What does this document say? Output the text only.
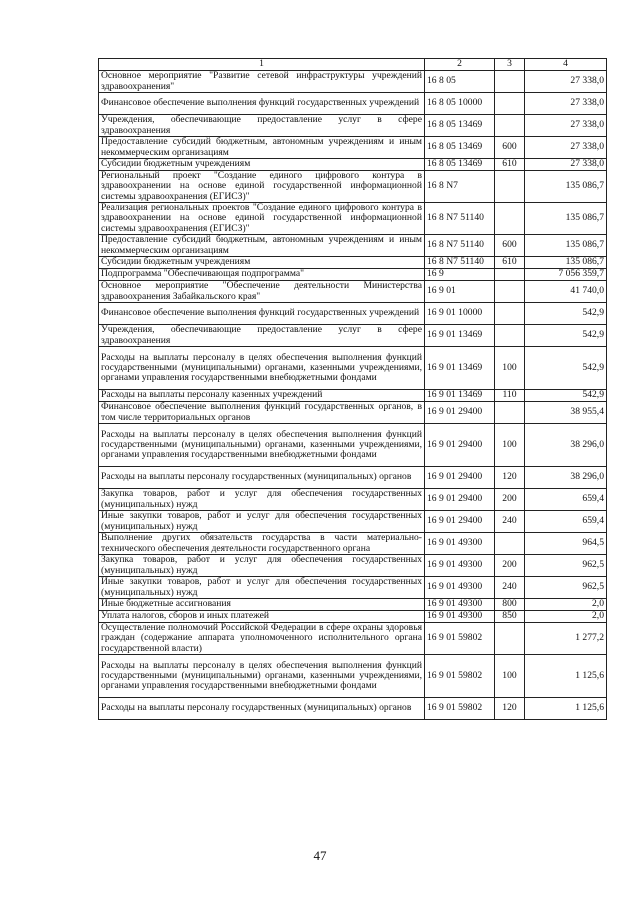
1	2	3	4
Основное мероприятие "Развитие сетевой инфраструктуры учреждений здравоохранения"	16 8 05		27 338,0
Финансовое обеспечение выполнения функций государственных учреждений	16 8 05 10000		27 338,0
Учреждения, обеспечивающие предоставление услуг в сфере здравоохранения	16 8 05 13469		27 338,0
Предоставление субсидий бюджетным, автономным учреждениям и иным некоммерческим организациям	16 8 05 13469	600	27 338,0
Субсидии бюджетным учреждениям	16 8 05 13469	610	27 338,0
Региональный проект "Создание единого цифрового контура в здравоохранении на основе единой государственной информационной системы здравоохранения (ЕГИСЗ)"	16 8 N7		135 086,7
Реализация региональных проектов "Создание единого цифрового контура в здравоохранении на основе единой государственной информационной системы здравоохранения (ЕГИСЗ)"	16 8 N7 51140		135 086,7
Предоставление субсидий бюджетным, автономным учреждениям и иным некоммерческим организациям	16 8 N7 51140	600	135 086,7
Субсидии бюджетным учреждениям	16 8 N7 51140	610	135 086,7
Подпрограмма "Обеспечивающая подпрограмма"	16 9		7 056 359,7
Основное мероприятие "Обеспечение деятельности Министерства здравоохранения Забайкальского края"	16 9 01		41 740,0
Финансовое обеспечение выполнения функций государственных учреждений	16 9 01 10000		542,9
Учреждения, обеспечивающие предоставление услуг в сфере здравоохранения	16 9 01 13469		542,9
Расходы на выплаты персоналу в целях обеспечения выполнения функций государственными (муниципальными) органами, казенными учреждениями, органами управления государственными внебюджетными фондами	16 9 01 13469	100	542,9
Расходы на выплаты персоналу казенных учреждений	16 9 01 13469	110	542,9
Финансовое обеспечение выполнения функций государственных органов, в том числе территориальных органов	16 9 01 29400		38 955,4
Расходы на выплаты персоналу в целях обеспечения выполнения функций государственными (муниципальными) органами, казенными учреждениями, органами управления государственными внебюджетными фондами	16 9 01 29400	100	38 296,0
Расходы на выплаты персоналу государственных (муниципальных) органов	16 9 01 29400	120	38 296,0
Закупка товаров, работ и услуг для обеспечения государственных (муниципальных) нужд	16 9 01 29400	200	659,4
Иные закупки товаров, работ и услуг для обеспечения государственных (муниципальных) нужд	16 9 01 29400	240	659,4
Выполнение других обязательств государства в части материально-технического обеспечения деятельности государственного органа	16 9 01 49300		964,5
Закупка товаров, работ и услуг для обеспечения государственных (муниципальных) нужд	16 9 01 49300	200	962,5
Иные закупки товаров, работ и услуг для обеспечения государственных (муниципальных) нужд	16 9 01 49300	240	962,5
Иные бюджетные ассигнования	16 9 01 49300	800	2,0
Уплата налогов, сборов и иных платежей	16 9 01 49300	850	2,0
Осуществление полномочий Российской Федерации в сфере охраны здоровья граждан (содержание аппарата уполномоченного исполнительного органа государственной власти)	16 9 01 59802		1 277,2
Расходы на выплаты персоналу в целях обеспечения выполнения функций государственными (муниципальными) органами, казенными учреждениями, органами управления государственными внебюджетными фондами	16 9 01 59802	100	1 125,6
Расходы на выплаты персоналу государственных (муниципальных) органов	16 9 01 59802	120	1 125,6
47
